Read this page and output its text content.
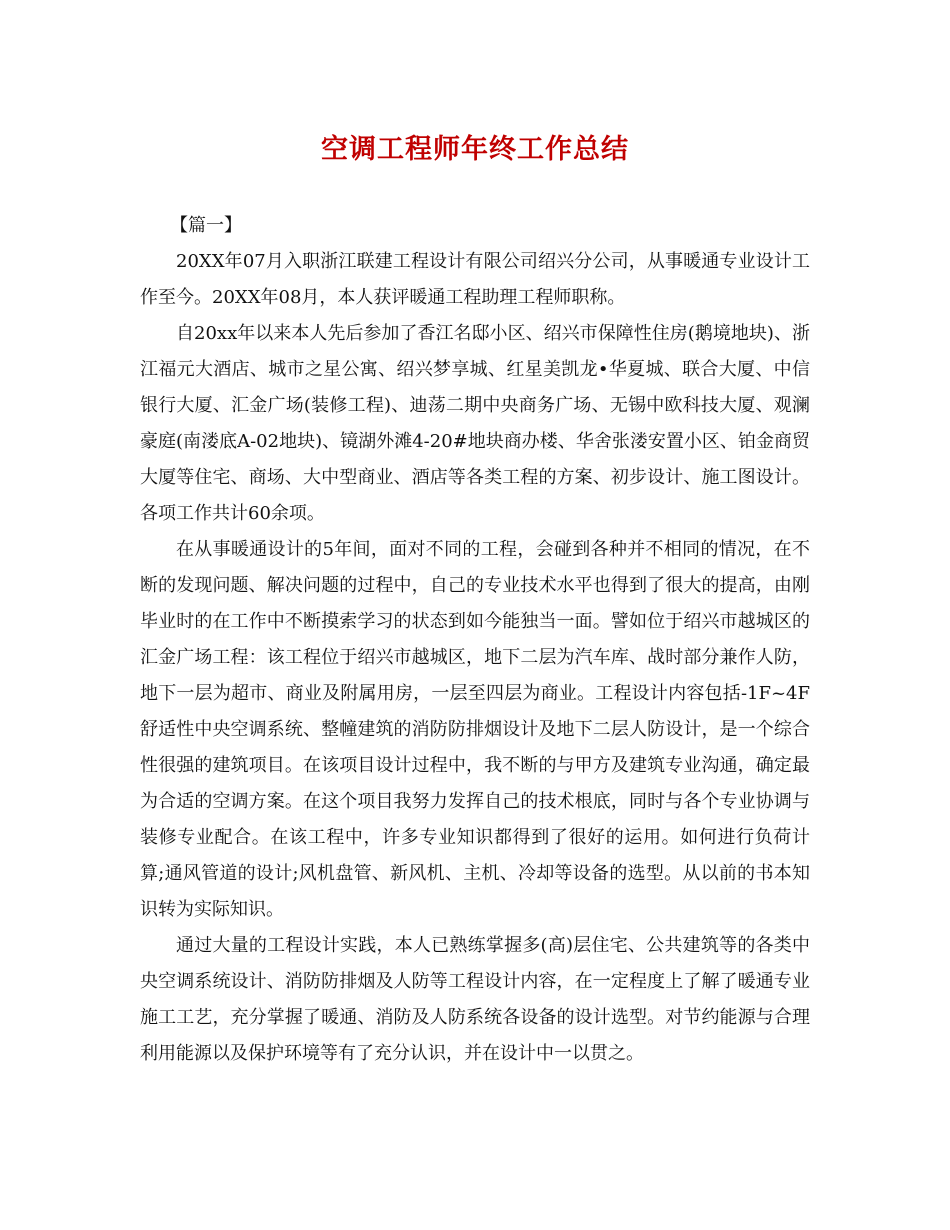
空调工程师年终工作总结

【篇一】

20XX年07月入职浙江联建工程设计有限公司绍兴分公司，从事暖通专业设计工作至今。20XX年08月，本人获评暖通工程助理工程师职称。

自20xx年以来本人先后参加了香江名邸小区、绍兴市保障性住房(鹅境地块)、浙江福元大酒店、城市之星公寓、绍兴梦享城、红星美凯龙•华夏城、联合大厦、中信银行大厦、汇金广场(装修工程)、迪荡二期中央商务广场、无锡中欧科技大厦、观澜豪庭(南溇底A-02地块)、镜湖外滩4-20#地块商办楼、华舍张溇安置小区、铂金商贸大厦等住宅、商场、大中型商业、酒店等各类工程的方案、初步设计、施工图设计。各项工作共计60余项。

在从事暖通设计的5年间，面对不同的工程，会碰到各种并不相同的情况，在不断的发现问题、解决问题的过程中，自己的专业技术水平也得到了很大的提高，由刚毕业时的在工作中不断摸索学习的状态到如今能独当一面。譬如位于绍兴市越城区的汇金广场工程：该工程位于绍兴市越城区，地下二层为汽车库、战时部分兼作人防，地下一层为超市、商业及附属用房，一层至四层为商业。工程设计内容包括-1F~4F舒适性中央空调系统、整幢建筑的消防防排烟设计及地下二层人防设计，是一个综合性很强的建筑项目。在该项目设计过程中，我不断的与甲方及建筑专业沟通，确定最为合适的空调方案。在这个项目我努力发挥自己的技术根底，同时与各个专业协调与装修专业配合。在该工程中，许多专业知识都得到了很好的运用。如何进行负荷计算;通风管道的设计;风机盘管、新风机、主机、冷却等设备的选型。从以前的书本知识转为实际知识。

通过大量的工程设计实践，本人已熟练掌握多(高)层住宅、公共建筑等的各类中央空调系统设计、消防防排烟及人防等工程设计内容，在一定程度上了解了暖通专业施工工艺，充分掌握了暖通、消防及人防系统各设备的设计选型。对节约能源与合理利用能源以及保护环境等有了充分认识，并在设计中一以贯之。
